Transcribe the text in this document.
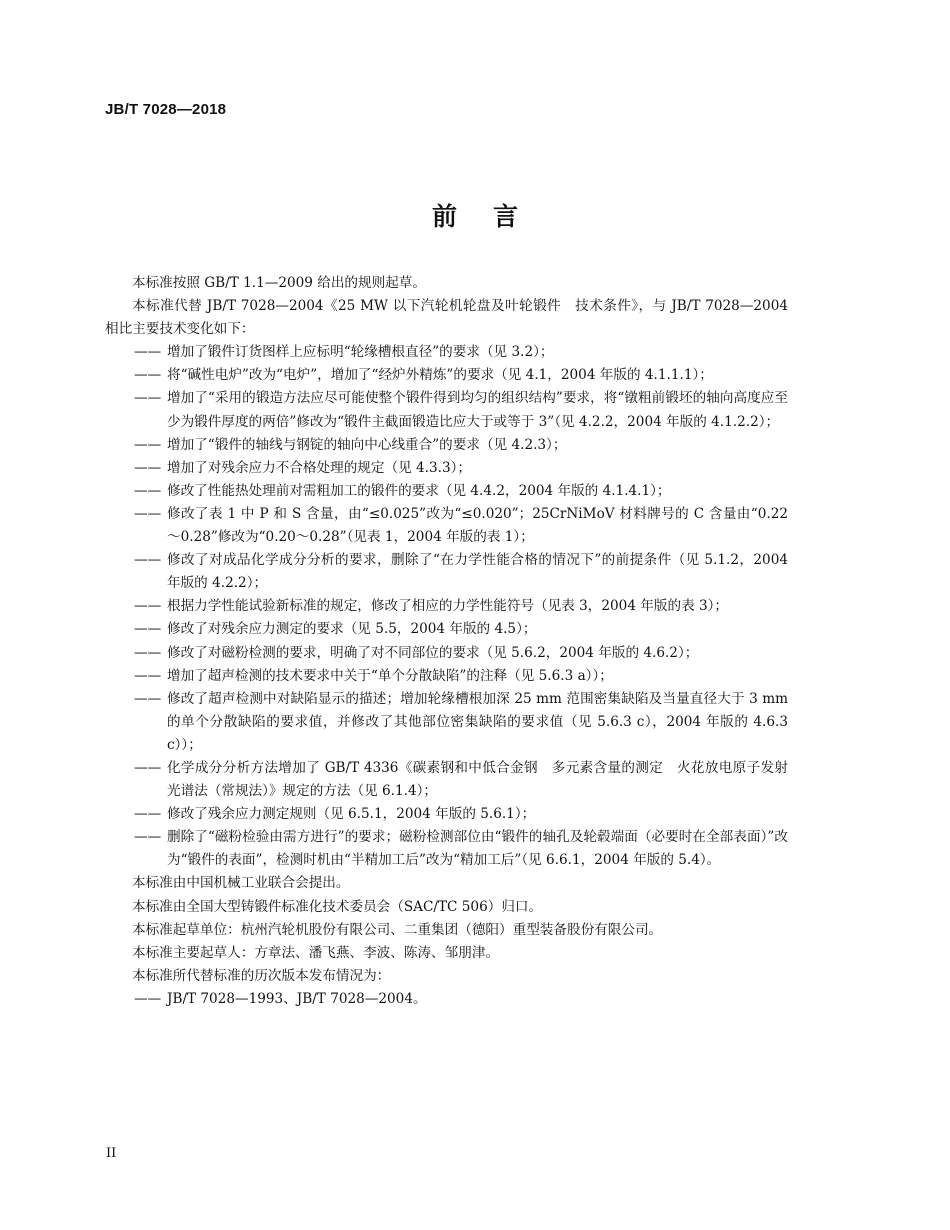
JB/T 7028—2018
前言

本标准按照 GB/T 1.1—2009 给出的规则起草。

本标准代替 JB/T 7028—2004《25 MW 以下汽轮机轮盘及叶轮锻件　技术条件》，与 JB/T 7028—2004 相比主要技术变化如下：

—— 增加了锻件订货图样上应标明“轮缘槽根直径”的要求（见 3.2）；

—— 将“碱性电炉”改为“电炉”，增加了“经炉外精炼”的要求（见 4.1，2004 年版的 4.1.1.1）；

—— 增加了“采用的锻造方法应尽可能使整个锻件得到均匀的组织结构”要求，将“镦粗前锻坯的轴向高度应至少为锻件厚度的两倍”修改为“锻件主截面锻造比应大于或等于 3”（见 4.2.2，2004 年版的 4.1.2.2）；

—— 增加了“锻件的轴线与钢锭的轴向中心线重合”的要求（见 4.2.3）；

—— 增加了对残余应力不合格处理的规定（见 4.3.3）；

—— 修改了性能热处理前对需粗加工的锻件的要求（见 4.4.2，2004 年版的 4.1.4.1）；

—— 修改了表 1 中 P 和 S 含量，由“≤0.025”改为“≤0.020”；25CrNiMoV 材料牌号的 C 含量由“0.22～0.28”修改为“0.20～0.28”（见表 1，2004 年版的表 1）；

—— 修改了对成品化学成分分析的要求，删除了“在力学性能合格的情况下”的前提条件（见 5.1.2，2004 年版的 4.2.2）；

—— 根据力学性能试验新标准的规定，修改了相应的力学性能符号（见表 3，2004 年版的表 3）；

—— 修改了对残余应力测定的要求（见 5.5，2004 年版的 4.5）；

—— 修改了对磁粉检测的要求，明确了对不同部位的要求（见 5.6.2，2004 年版的 4.6.2）；

—— 增加了超声检测的技术要求中关于“单个分散缺陷”的注释（见 5.6.3 a））；

—— 修改了超声检测中对缺陷显示的描述；增加轮缘槽根加深 25 mm 范围密集缺陷及当量直径大于 3 mm 的单个分散缺陷的要求值，并修改了其他部位密集缺陷的要求值（见 5.6.3 c），2004 年版的 4.6.3 c））；

—— 化学成分分析方法增加了 GB/T 4336《碳素钢和中低合金钢　多元素含量的测定　火花放电原子发射光谱法（常规法）》规定的方法（见 6.1.4）；

—— 修改了残余应力测定规则（见 6.5.1，2004 年版的 5.6.1）；

—— 删除了“磁粉检验由需方进行”的要求；磁粉检测部位由“锻件的轴孔及轮毂端面（必要时在全部表面）”改为“锻件的表面”，检测时机由“半精加工后”改为“精加工后”（见 6.6.1，2004 年版的 5.4）。

本标准由中国机械工业联合会提出。

本标准由全国大型铸锻件标准化技术委员会（SAC/TC 506）归口。

本标准起草单位：杭州汽轮机股份有限公司、二重集团（德阳）重型装备股份有限公司。

本标准主要起草人：方章法、潘飞燕、李波、陈涛、邹朋津。

本标准所代替标准的历次版本发布情况为：

—— JB/T 7028—1993、JB/T 7028—2004。

II
